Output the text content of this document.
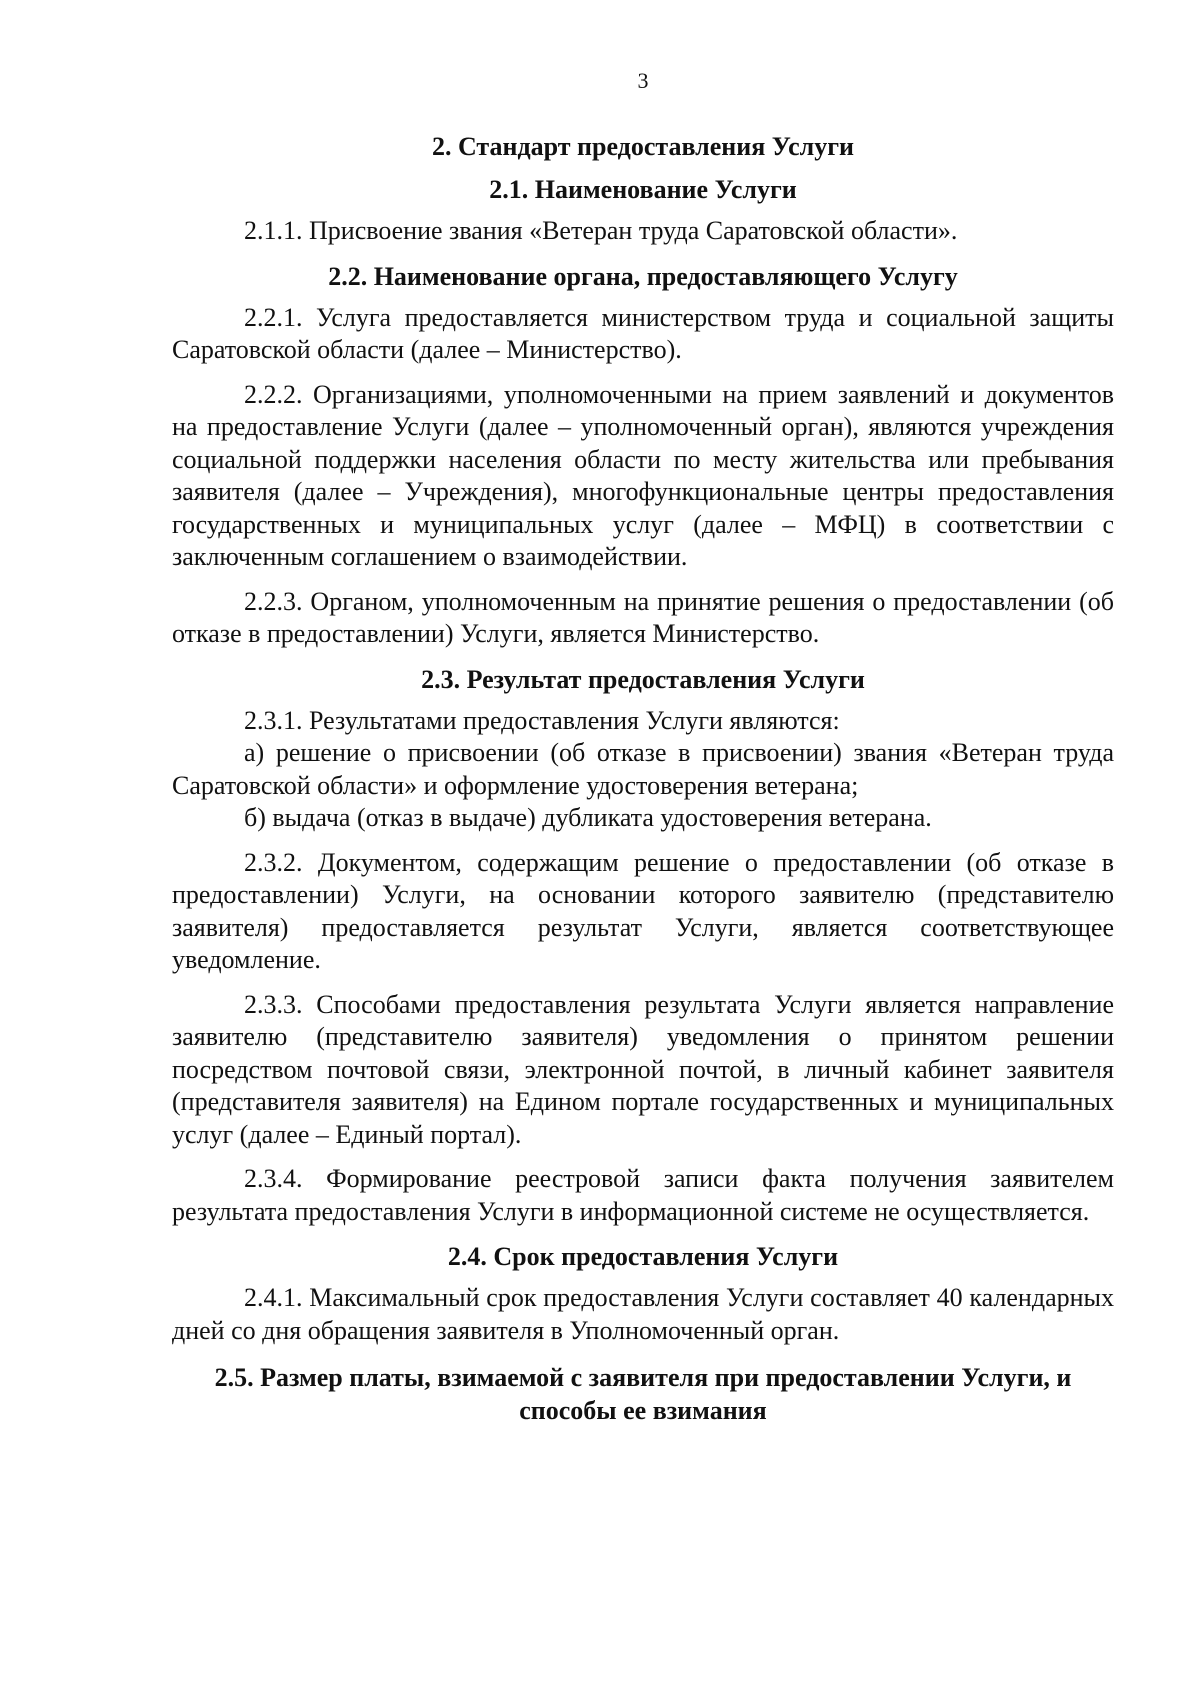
3
2. Стандарт предоставления Услуги
2.1. Наименование Услуги

2.1.1. Присвоение звания «Ветеран труда Саратовской области».

2.2. Наименование органа, предоставляющего Услугу

2.2.1. Услуга предоставляется министерством труда и социальной защиты Саратовской области (далее – Министерство).

2.2.2. Организациями, уполномоченными на прием заявлений и документов на предоставление Услуги (далее – уполномоченный орган), являются учреждения социальной поддержки населения области по месту жительства или пребывания заявителя (далее – Учреждения), многофункциональные центры предоставления государственных и муниципальных услуг (далее – МФЦ) в соответствии с заключенным соглашением о взаимодействии.

2.2.3. Органом, уполномоченным на принятие решения о предоставлении (об отказе в предоставлении) Услуги, является Министерство.

2.3. Результат предоставления Услуги

2.3.1. Результатами предоставления Услуги являются:

а) решение о присвоении (об отказе в присвоении) звания «Ветеран труда Саратовской области» и оформление удостоверения ветерана;

б) выдача (отказ в выдаче) дубликата удостоверения ветерана.

2.3.2. Документом, содержащим решение о предоставлении (об отказе в предоставлении) Услуги, на основании которого заявителю (представителю заявителя) предоставляется результат Услуги, является соответствующее уведомление.

2.3.3. Способами предоставления результата Услуги является направление заявителю (представителю заявителя) уведомления о принятом решении посредством почтовой связи, электронной почтой, в личный кабинет заявителя (представителя заявителя) на Едином портале государственных и муниципальных услуг (далее – Единый портал).

2.3.4. Формирование реестровой записи факта получения заявителем результата предоставления Услуги в информационной системе не осуществляется.

2.4. Срок предоставления Услуги

2.4.1. Максимальный срок предоставления Услуги составляет 40 календарных дней со дня обращения заявителя в Уполномоченный орган.

2.5. Размер платы, взимаемой с заявителя при предоставлении Услуги, и способы ее взимания
